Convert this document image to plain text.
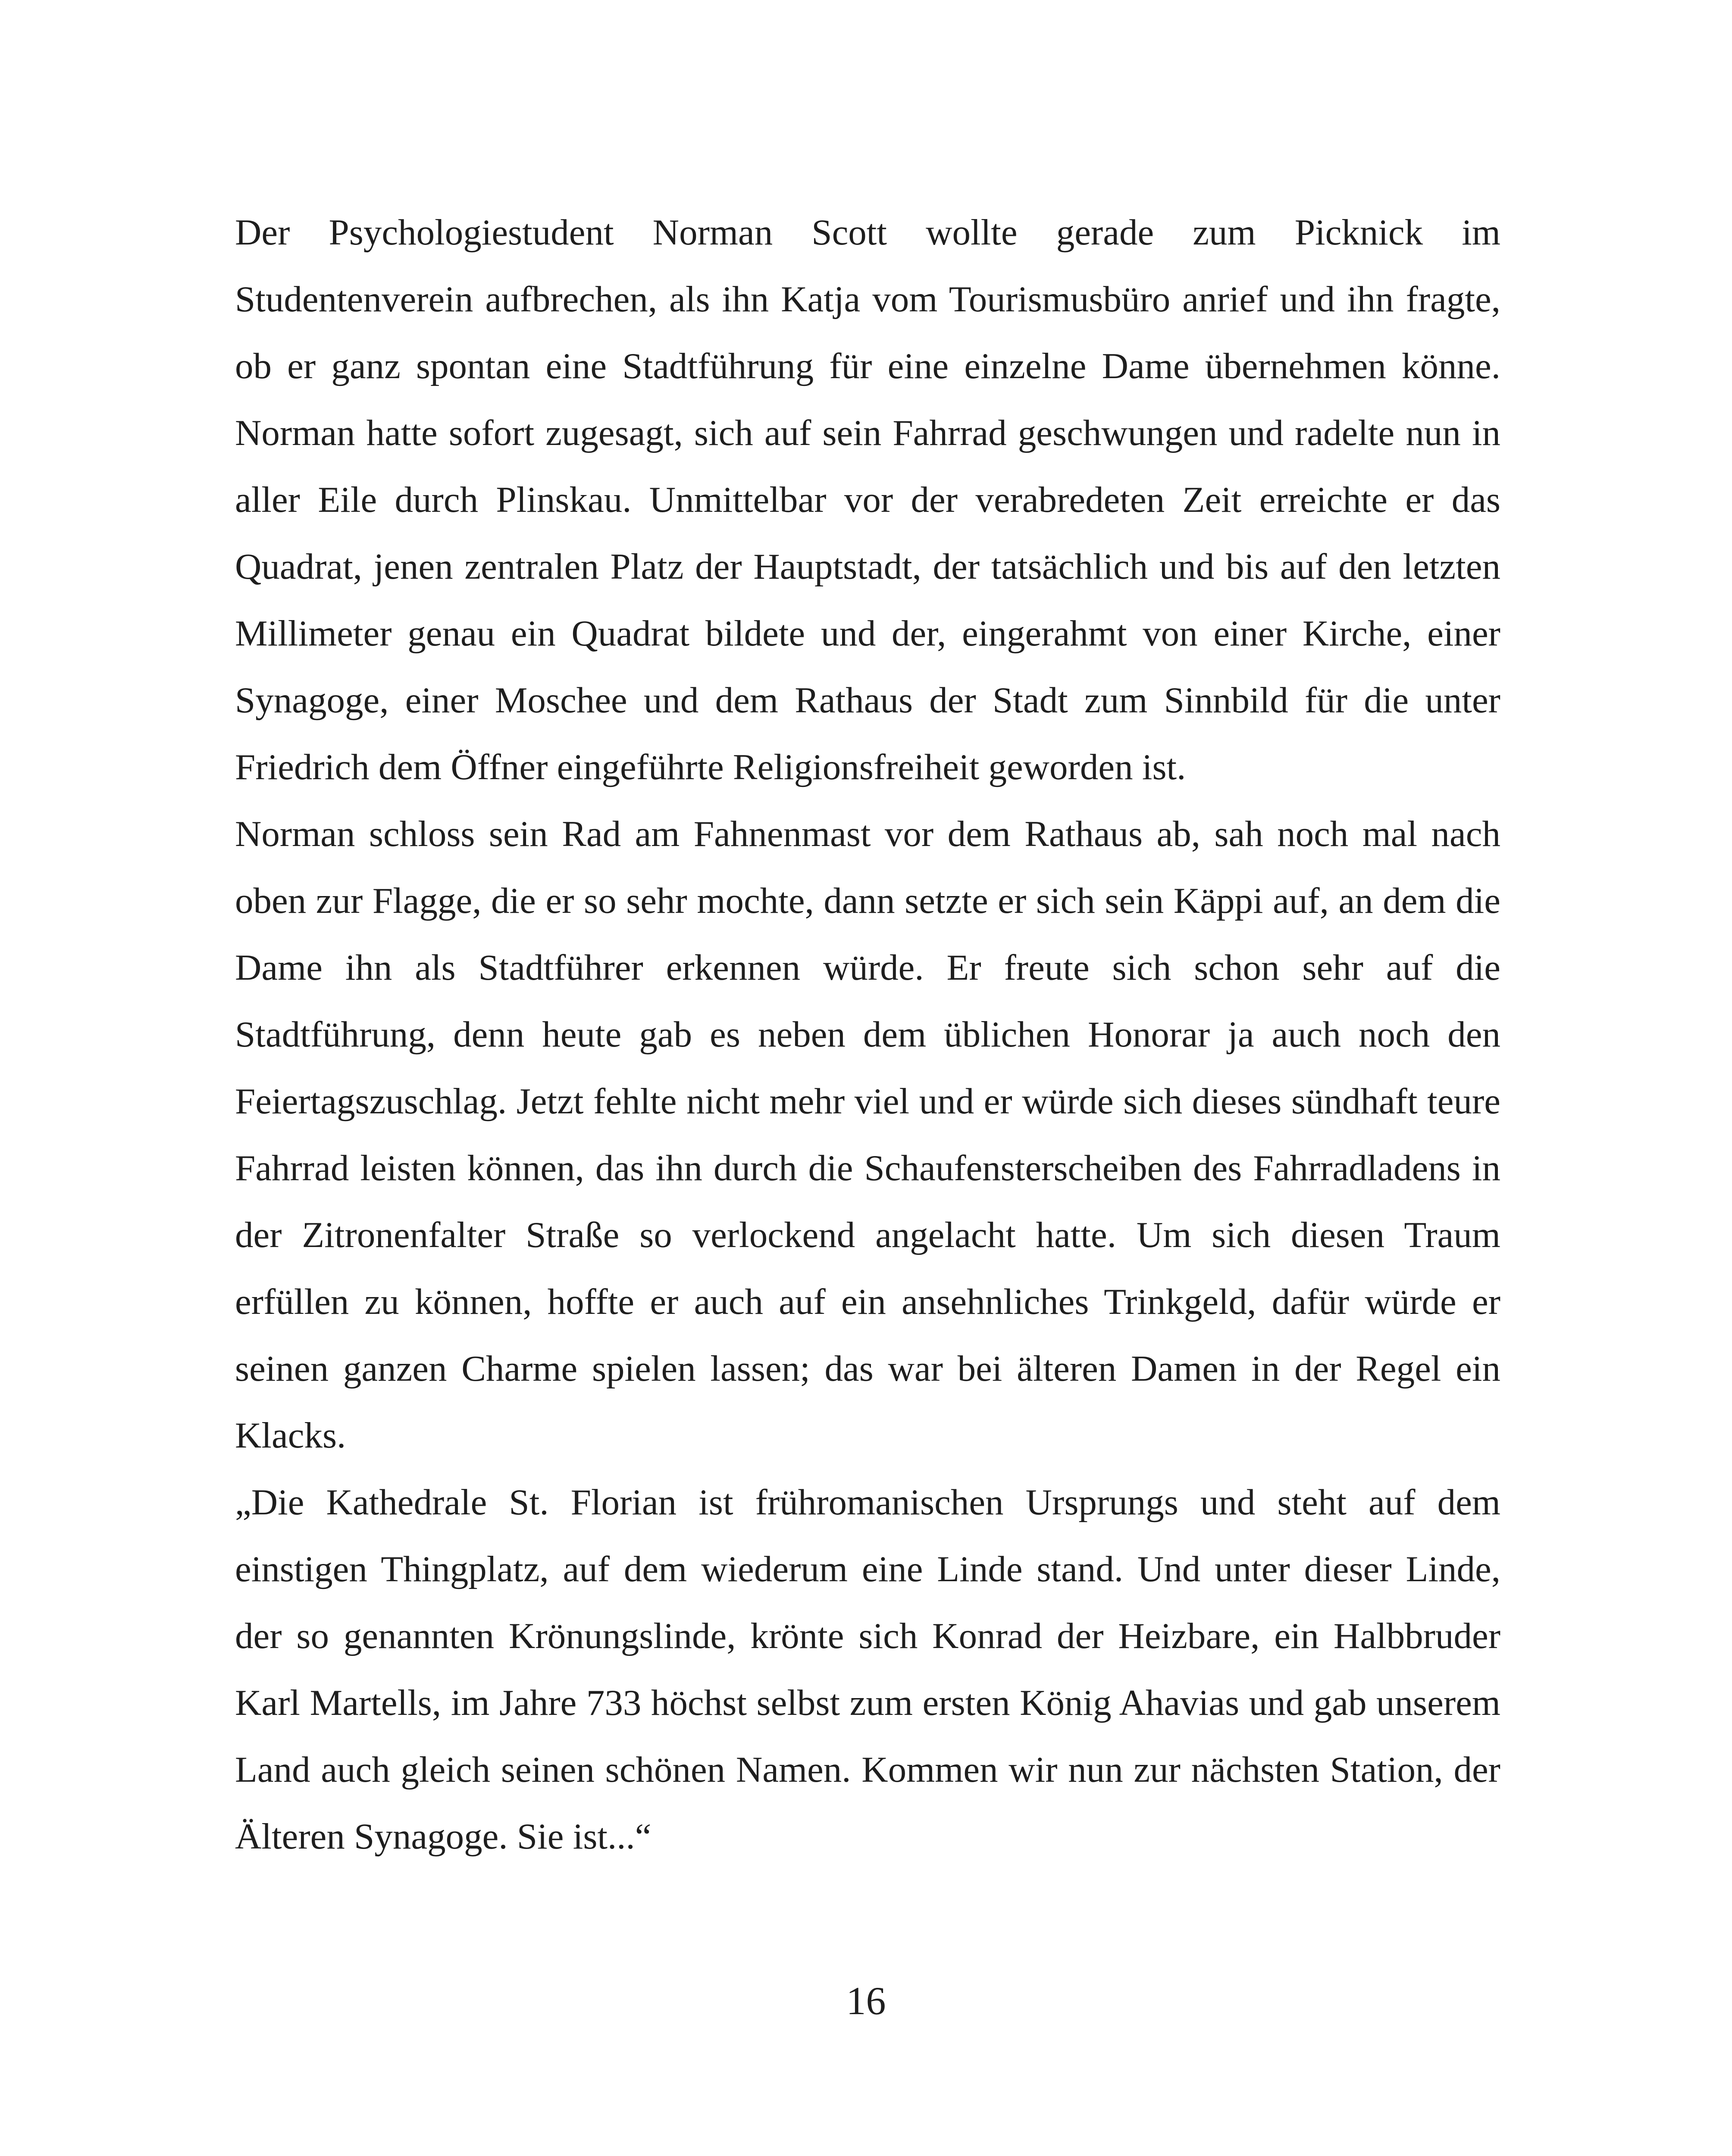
Der Psychologiestudent Norman Scott wollte gerade zum Picknick im Studentenverein aufbrechen, als ihn Katja vom Tourismusbüro anrief und ihn fragte, ob er ganz spontan eine Stadtführung für eine einzelne Dame übernehmen könne. Norman hatte sofort zugesagt, sich auf sein Fahrrad geschwungen und radelte nun in aller Eile durch Plinskau. Unmittelbar vor der verabredeten Zeit erreichte er das Quadrat, jenen zentralen Platz der Hauptstadt, der tatsächlich und bis auf den letzten Millimeter genau ein Quadrat bildete und der, eingerahmt von einer Kirche, einer Synagoge, einer Moschee und dem Rathaus der Stadt zum Sinnbild für die unter Friedrich dem Öffner eingeführte Religionsfreiheit geworden ist.

Norman schloss sein Rad am Fahnenmast vor dem Rathaus ab, sah noch mal nach oben zur Flagge, die er so sehr mochte, dann setzte er sich sein Käppi auf, an dem die Dame ihn als Stadtführer erkennen würde. Er freute sich schon sehr auf die Stadtführung, denn heute gab es neben dem üblichen Honorar ja auch noch den Feiertagszuschlag. Jetzt fehlte nicht mehr viel und er würde sich dieses sündhaft teure Fahrrad leisten können, das ihn durch die Schaufensterscheiben des Fahrradladens in der Zitronenfalter Straße so verlockend angelacht hatte. Um sich diesen Traum erfüllen zu können, hoffte er auch auf ein ansehnliches Trinkgeld, dafür würde er seinen ganzen Charme spielen lassen; das war bei älteren Damen in der Regel ein Klacks.

„Die Kathedrale St. Florian ist frühromanischen Ursprungs und steht auf dem einstigen Thingplatz, auf dem wiederum eine Linde stand. Und unter dieser Linde, der so genannten Krönungslinde, krönte sich Konrad der Heizbare, ein Halbbruder Karl Martells, im Jahre 733 höchst selbst zum ersten König Ahavias und gab unserem Land auch gleich seinen schönen Namen. Kommen wir nun zur nächsten Station, der Älteren Synagoge. Sie ist...“

16
